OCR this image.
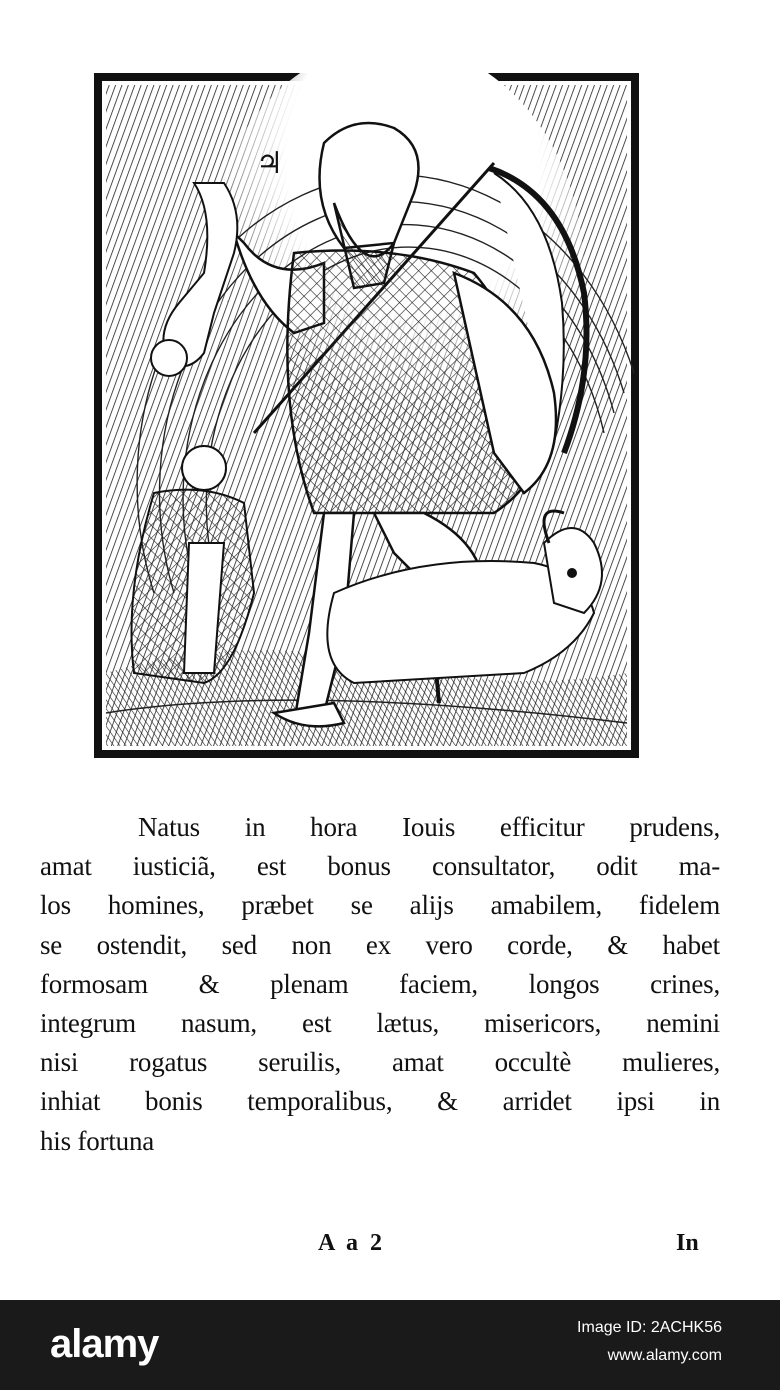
♃
Natus in hora Iouis efficitur prudens,
amat iusticiã, est bonus consultator, odit ma-
los homines, præbet se alijs amabilem, fidelem
se ostendit, sed non ex vero corde, & habet
formosam & plenam faciem, longos crines,
integrum nasum, est lætus, misericors, nemini
nisi rogatus seruilis, amat occultè mulieres,
inhiat bonis temporalibus, & arridet ipsi in
his fortuna
A a 2	In
alamy	Image ID: 2ACHK56
www.alamy.com
